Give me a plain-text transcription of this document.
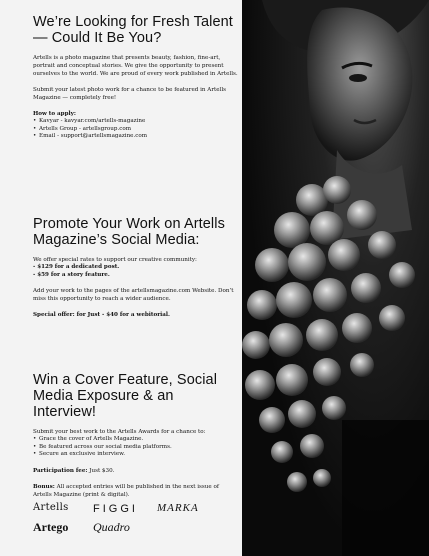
We’re Looking for Fresh Talent — Could It Be You?

Artells is a photo magazine that presents beauty, fashion, fine-art, portrait and conceptual stories. We give the opportunity to present ourselves to the world. We are proud of every work published in Artells.

Submit your latest photo work for a chance to be featured in Artells Magazine — completely free!

How to apply:

• Kavyar - kavyar.com/artells-magazine
• Artells Group - artellsgroup.com
• Email - support@artellsmagazine.com
Promote Your Work on Artells Magazine’s Social Media:

We offer special rates to support our creative community:

- $129 for a dedicated post.
- $59 for a story feature.

Add your work to the pages of the artellsmagazine.com Website. Don’t miss this opportunity to reach a wider audience.

Special offer: for Just - $40 for a webitorial.

Win a Cover Feature, Social Media Exposure & an Interview!

Submit your best work to the Artells Awards for a chance to:

• Grace the cover of Artells Magazine.
• Be featured across our social media platforms.
• Secure an exclusive interview.

Participation fee: Just $30.

Bonus: All accepted entries will be published in the next issue of Artells Magazine (print & digital).

Artells FIGGI MARKA
Artego Quadro
